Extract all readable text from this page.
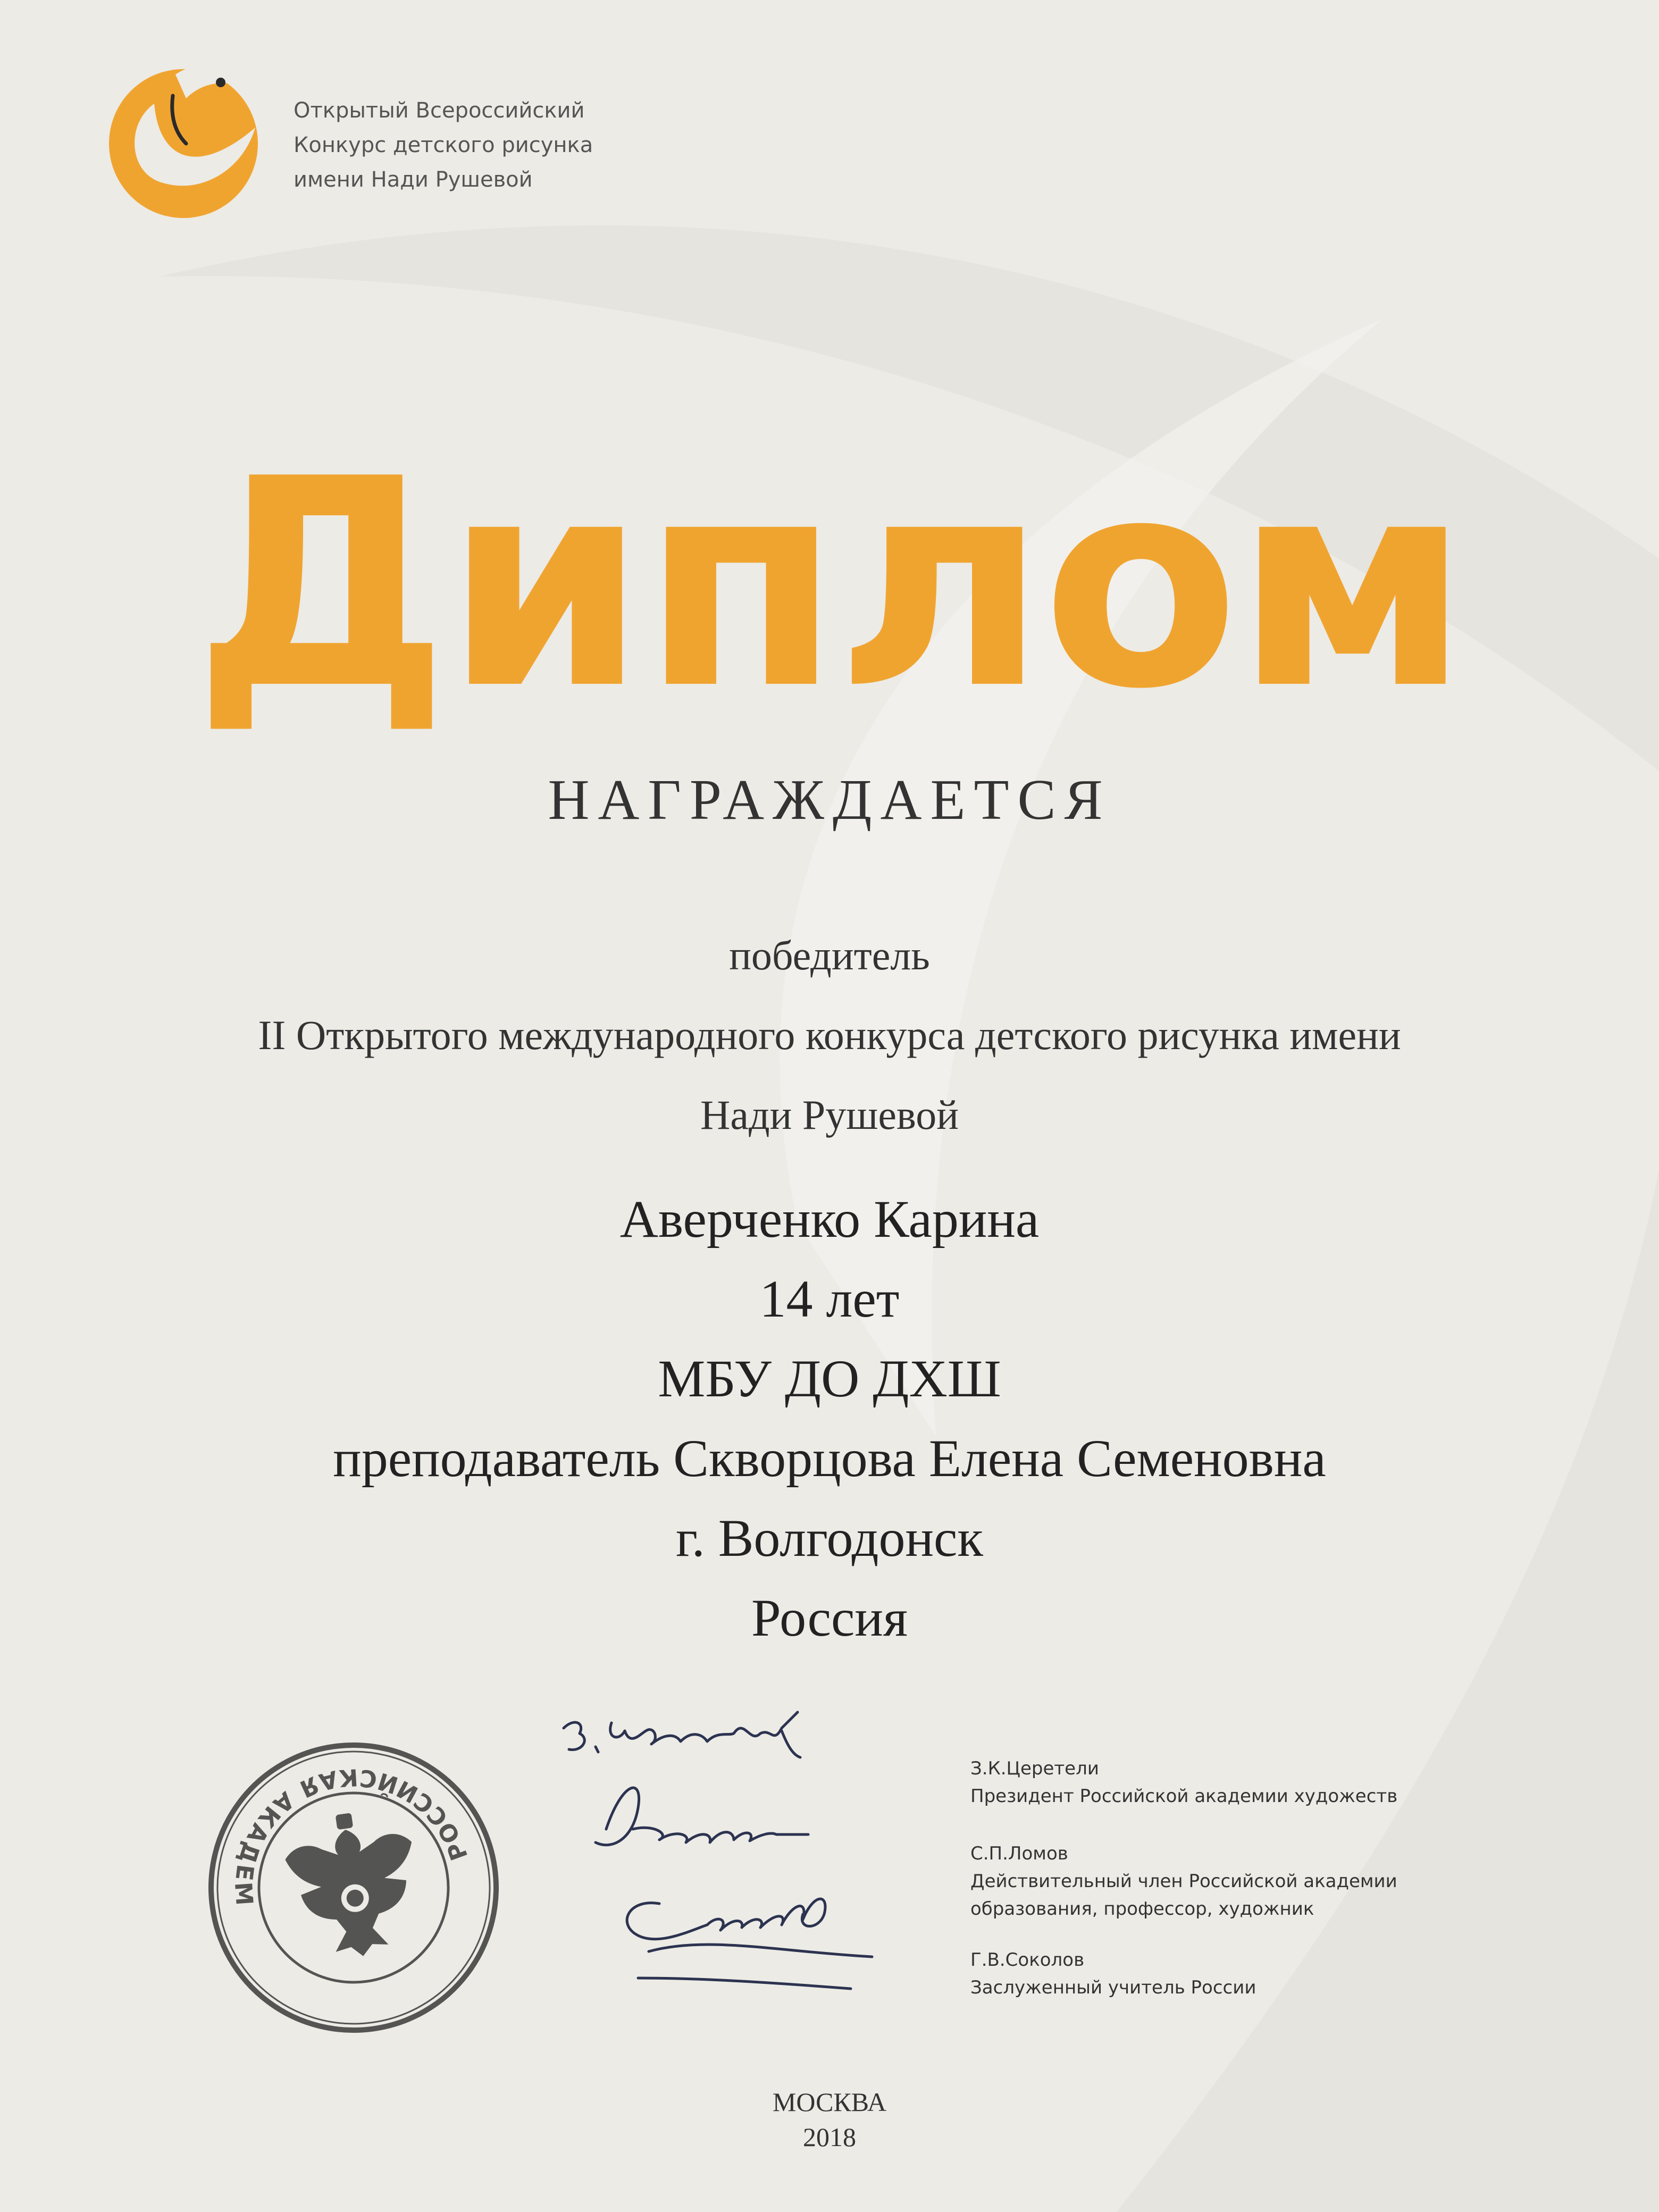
Открытый Всероссийский
Конкурс детского рисунка
имени Нади Рушевой
Диплом
НАГРАЖДАЕТСЯ
победитель
II Открытого международного конкурса детского рисунка имени
Нади Рушевой
Аверченко Карина
14 лет
МБУ ДО ДХШ
преподаватель Скворцова Елена Семеновна
г. Волгодонск
Россия
РОССИЙСКАЯ АКАДЕМИЯ
З.К.Церетели
Президент Российской академии художеств
С.П.Ломов
Действительный член Российской академии
образования, профессор, художник
Г.В.Соколов
Заслуженный учитель России
МОСКВА
2018
